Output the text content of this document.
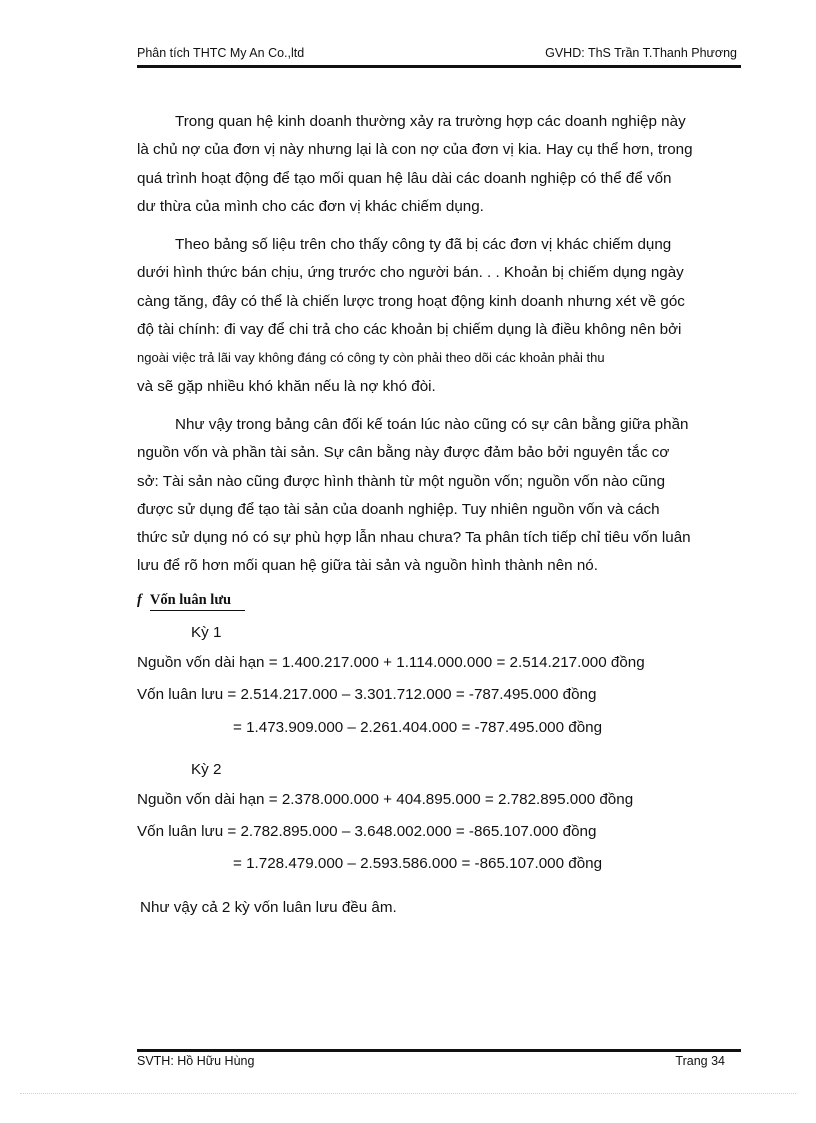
Phân tích THTC My An Co.,ltd	GVHD: ThS Trần T.Thanh Phương

Trong quan hệ kinh doanh thường xảy ra trường hợp các doanh nghiệp này
là chủ nợ của đơn vị này nhưng lại là con nợ của đơn vị kia. Hay cụ thể hơn, trong
quá trình hoạt động để tạo mối quan hệ lâu dài các doanh nghiệp có thể để vốn
dư thừa của mình cho các đơn vị khác chiếm dụng.

Theo bảng số liệu trên cho thấy công ty đã bị các đơn vị khác chiếm dụng
dưới hình thức bán chịu, ứng trước cho người bán. . . Khoản bị chiếm dụng ngày
càng tăng, đây có thể là chiến lược trong hoạt động kinh doanh nhưng xét về góc
độ tài chính: đi vay để chi trả cho các khoản bị chiếm dụng là điều không nên bởi
ngoài việc trả lãi vay không đáng có công ty còn phải theo dõi các khoản phải thu
và sẽ gặp nhiều khó khăn nếu là nợ khó đòi.

Như vậy trong bảng cân đối kế toán lúc nào cũng có sự cân bằng giữa phần
nguồn vốn và phần tài sản. Sự cân bằng này được đảm bảo bởi nguyên tắc cơ
sở: Tài sản nào cũng được hình thành từ một nguồn vốn; nguồn vốn nào cũng
được sử dụng để tạo tài sản của doanh nghiệp. Tuy nhiên nguồn vốn và cách
thức sử dụng nó có sự phù hợp lẫn nhau chưa? Ta phân tích tiếp chỉ tiêu vốn luân
lưu để rõ hơn mối quan hệ giữa tài sản và nguồn hình thành nên nó.

f Vốn luân lưu
Kỳ 1
Nguồn vốn dài hạn = 1.400.217.000 + 1.114.000.000 = 2.514.217.000 đồng
Vốn luân lưu = 2.514.217.000 – 3.301.712.000 = -787.495.000 đồng
= 1.473.909.000 – 2.261.404.000 = -787.495.000 đồng
Kỳ 2
Nguồn vốn dài hạn = 2.378.000.000 + 404.895.000 = 2.782.895.000 đồng
Vốn luân lưu = 2.782.895.000 – 3.648.002.000 = -865.107.000 đồng
= 1.728.479.000 – 2.593.586.000 = -865.107.000 đồng
Như vậy cả 2 kỳ vốn luân lưu đều âm.
SVTH: Hồ Hữu Hùng	Trang 34
